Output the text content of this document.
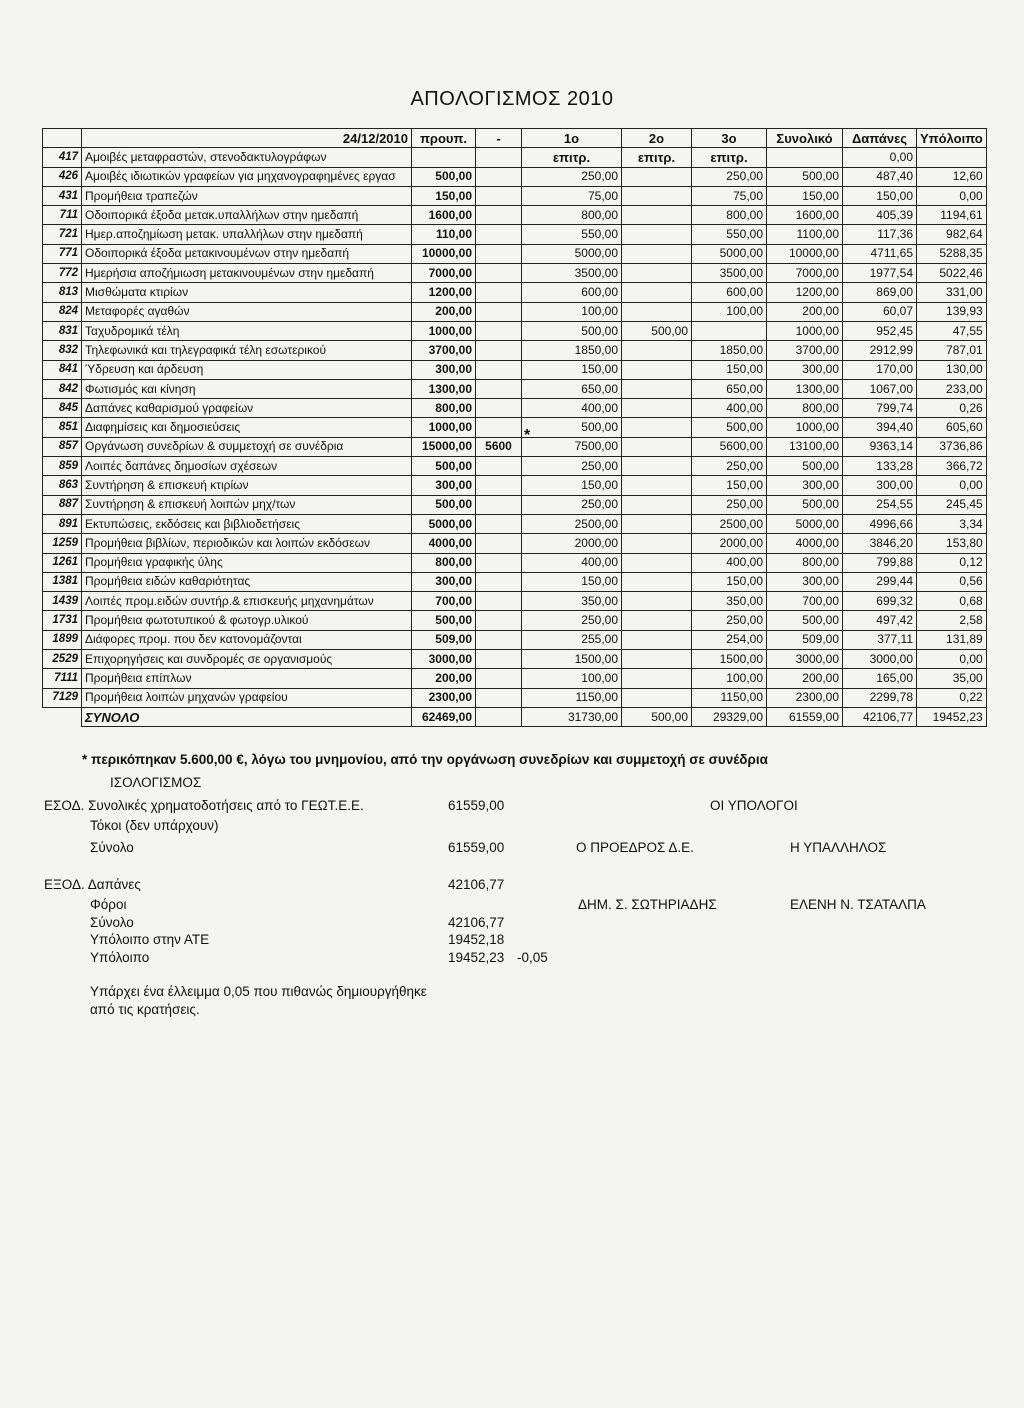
ΑΠΟΛΟΓΙΣΜΟΣ 2010
	24/12/2010	προυπ.	-	1ο	2ο	3ο	Συνολικό	Δαπάνες	Υπόλοιπο
417	Αμοιβές μεταφραστών, στενοδακτυλογράφων			επιτρ.	επιτρ.	επιτρ.		0,00	
426	Αμοιβές ιδιωτικών γραφείων για μηχανογραφημένες εργασ	500,00		250,00		250,00	500,00	487,40	12,60
431	Προμήθεια τραπεζών	150,00		75,00		75,00	150,00	150,00	0,00
711	Οδοιπορικά έξοδα μετακ.υπαλλήλων στην ημεδαπή	1600,00		800,00		800,00	1600,00	405,39	1194,61
721	Ημερ.αποζημίωση μετακ. υπαλλήλων στην ημεδαπή	110,00		550,00		550,00	1100,00	117,36	982,64
771	Οδοιπορικά έξοδα μετακινουμένων στην ημεδαπή	10000,00		5000,00		5000,00	10000,00	4711,65	5288,35
772	Ημερήσια αποζήμιωση μετακινουμένων στην ημεδαπή	7000,00		3500,00		3500,00	7000,00	1977,54	5022,46
813	Μισθώματα κτιρίων	1200,00		600,00		600,00	1200,00	869,00	331,00
824	Μεταφορές αγαθών	200,00		100,00		100,00	200,00	60,07	139,93
831	Ταχυδρομικά τέλη	1000,00		500,00	500,00		1000,00	952,45	47,55
832	Τηλεφωνικά και τηλεγραφικά τέλη εσωτερικού	3700,00		1850,00		1850,00	3700,00	2912,99	787,01
841	Ύδρευση και άρδευση	300,00		150,00		150,00	300,00	170,00	130,00
842	Φωτισμός και κίνηση	1300,00		650,00		650,00	1300,00	1067,00	233,00
845	Δαπάνες καθαρισμού γραφείων	800,00		400,00		400,00	800,00	799,74	0,26
851	Διαφημίσεις και δημοσιεύσεις	1000,00		500,00		500,00	1000,00	394,40	605,60
857	Οργάνωση συνεδρίων & συμμετοχή σε συνέδρια	15000,00	5600	7500,00		5600,00	13100,00	9363,14	3736,86
859	Λοιπές δαπάνες δημοσίων σχέσεων	500,00		250,00		250,00	500,00	133,28	366,72
863	Συντήρηση & επισκευή κτιρίων	300,00		150,00		150,00	300,00	300,00	0,00
887	Συντήρηση & επισκευή λοιπών μηχ/των	500,00		250,00		250,00	500,00	254,55	245,45
891	Εκτυπώσεις, εκδόσεις και βιβλιοδετήσεις	5000,00		2500,00		2500,00	5000,00	4996,66	3,34
1259	Προμήθεια βιβλίων, περιοδικών και λοιπών εκδόσεων	4000,00		2000,00		2000,00	4000,00	3846,20	153,80
1261	Προμήθεια γραφικής ύλης	800,00		400,00		400,00	800,00	799,88	0,12
1381	Προμήθεια ειδών καθαριότητας	300,00		150,00		150,00	300,00	299,44	0,56
1439	Λοιπές προμ.ειδών συντήρ.& επισκευής μηχανημάτων	700,00		350,00		350,00	700,00	699,32	0,68
1731	Προμήθεια φωτοτυπικού & φωτογρ.υλικού	500,00		250,00		250,00	500,00	497,42	2,58
1899	Διάφορες προμ. που δεν κατονομάζονται	509,00		255,00		254,00	509,00	377,11	131,89
2529	Επιχορηγήσεις και συνδρομές σε οργανισμούς	3000,00		1500,00		1500,00	3000,00	3000,00	0,00
7111	Προμήθεια επίπλων	200,00		100,00		100,00	200,00	165,00	35,00
7129	Προμήθεια λοιπών μηχανών γραφείου	2300,00		1150,00		1150,00	2300,00	2299,78	0,22
	ΣΥΝΟΛΟ	62469,00		31730,00	500,00	29329,00	61559,00	42106,77	19452,23
*
* περικόπηκαν 5.600,00 €, λόγω του μνημονίου, από την οργάνωση συνεδρίων και συμμετοχή σε συνέδρια
ΙΣΟΛΟΓΙΣΜΟΣ
ΕΣΟΔ. Συνολικές χρηματοδοτήσεις από το ΓΕΩΤ.Ε.Ε.	61559,00	ΟΙ ΥΠΟΛΟΓΟΙ
Τόκοι (δεν υπάρχουν)
Σύνολο	61559,00	Ο ΠΡΟΕΔΡΟΣ Δ.Ε.	Η ΥΠΑΛΛΗΛΟΣ
ΕΞΟΔ. Δαπάνες	42106,77
Φόροι	ΔΗΜ. Σ. ΣΩΤΗΡΙΑΔΗΣ	ΕΛΕΝΗ Ν. ΤΣΑΤΑΛΠΑ
Σύνολο	42106,77
Υπόλοιπο στην ΑΤΕ	19452,18
Υπόλοιπο	19452,23 -0,05
Υπάρχει ένα έλλειμμα 0,05 που πιθανώς δημιουργήθηκε
από τις κρατήσεις.
